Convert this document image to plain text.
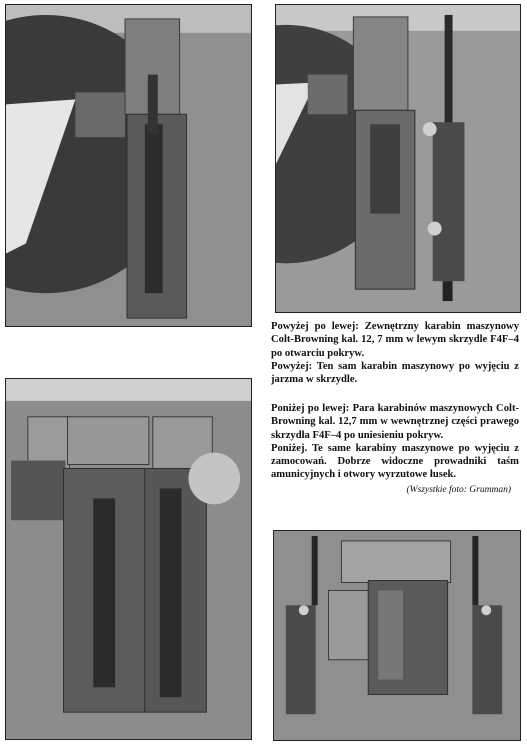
Powyżej po lewej: Zewnętrzny karabin maszynowy Colt-Browning kal. 12, 7 mm w lewym skrzydle F4F–4 po otwarciu pokryw.

Powyżej: Ten sam karabin maszynowy po wyjęciu z jarzma w skrzydle.

Poniżej po lewej: Para karabinów maszynowych Colt-Browning kal. 12,7 mm w wewnętrznej części prawego skrzydła F4F–4 po uniesieniu pokryw.

Poniżej. Te same karabiny maszynowe po wyjęciu z zamocowań. Dobrze widoczne prowadniki taśm amunicyjnych i otwory wyrzutowe łusek.

(Wszystkie foto: Grumman)
